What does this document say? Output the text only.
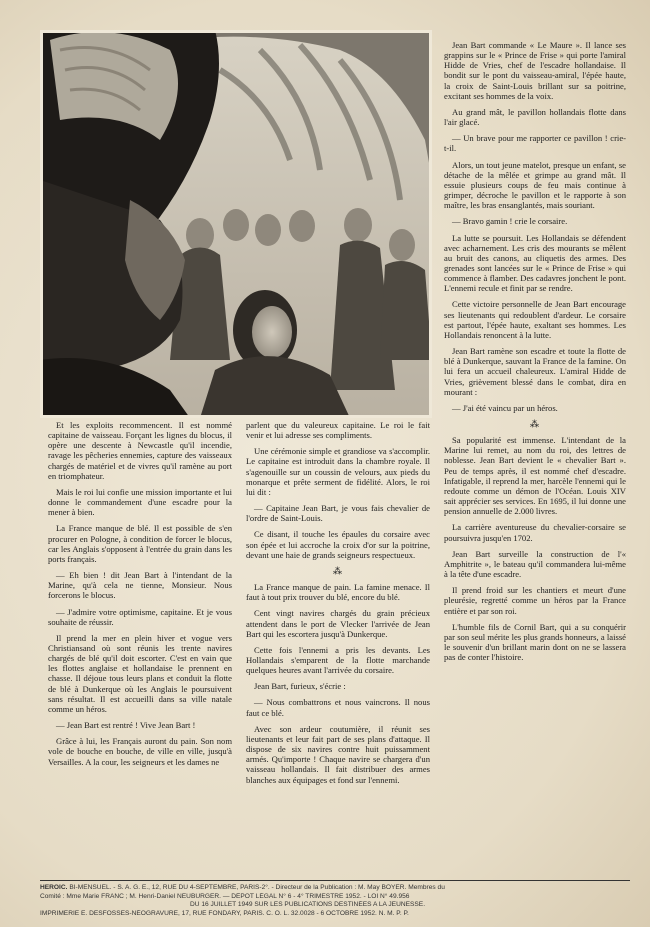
Et les exploits recommencent. Il est nommé capitaine de vaisseau. Forçant les lignes du blocus, il opère une descente à Newcastle qu'il incendie, ravage les pêcheries ennemies, capture des vaisseaux chargés de matériel et de vivres qu'il ramène au port en triomphateur.

Mais le roi lui confie une mission importante et lui donne le commandement d'une escadre pour la mener à bien.

La France manque de blé. Il est possible de s'en procurer en Pologne, à condition de forcer le blocus, car les Anglais s'opposent à l'entrée du grain dans les ports français.

— Eh bien ! dit Jean Bart à l'intendant de la Marine, qu'à cela ne tienne, Monsieur. Nous forcerons le blocus.

— J'admire votre optimisme, capitaine. Et je vous souhaite de réussir.

Il prend la mer en plein hiver et vogue vers Christiansand où sont réunis les trente navires chargés de blé qu'il doit escorter. C'est en vain que les flottes anglaise et hollandaise le prennent en chasse. Il déjoue tous leurs plans et conduit la flotte de blé à Dunkerque où les Anglais le poursuivent sans résultat. Il est accueilli dans sa ville natale comme un héros.

— Jean Bart est rentré ! Vive Jean Bart !

Grâce à lui, les Français auront du pain. Son nom vole de bouche en bouche, de ville en ville, jusqu'à Versailles. A la cour, les seigneurs et les dames ne

parlent que du valeureux capitaine. Le roi le fait venir et lui adresse ses compliments.

Une cérémonie simple et grandiose va s'accomplir. Le capitaine est introduit dans la chambre royale. Il s'agenouille sur un coussin de velours, aux pieds du monarque et prête serment de fidélité. Alors, le roi lui dit :

— Capitaine Jean Bart, je vous fais chevalier de l'ordre de Saint-Louis.

Ce disant, il touche les épaules du corsaire avec son épée et lui accroche la croix d'or sur la poitrine, devant une haie de grands seigneurs respectueux.

⁂

La France manque de pain. La famine menace. Il faut à tout prix trouver du blé, encore du blé.

Cent vingt navires chargés du grain précieux attendent dans le port de Vlecker l'arrivée de Jean Bart qui les escortera jusqu'à Dunkerque.

Cette fois l'ennemi a pris les devants. Les Hollandais s'emparent de la flotte marchande quelques heures avant l'arrivée du corsaire.

Jean Bart, furieux, s'écrie :

— Nous combattrons et nous vaincrons. Il nous faut ce blé.

Avec son ardeur coutumière, il réunit ses lieutenants et leur fait part de ses plans d'attaque. Il dispose de six navires contre huit puissamment armés. Qu'importe ! Chaque navire se chargera d'un vaisseau hollandais. Il fait distribuer des armes blanches aux équipages et fond sur l'ennemi.

Jean Bart commande « Le Maure ». Il lance ses grappins sur le « Prince de Frise » qui porte l'amiral Hidde de Vries, chef de l'escadre hollandaise. Il bondit sur le pont du vaisseau-amiral, l'épée haute, la croix de Saint-Louis brillant sur sa poitrine, excitant ses hommes de la voix.

Au grand mât, le pavillon hollandais flotte dans l'air glacé.

— Un brave pour me rapporter ce pavillon ! crie-t-il.

Alors, un tout jeune matelot, presque un enfant, se détache de la mêlée et grimpe au grand mât. Il essuie plusieurs coups de feu mais continue à grimper, décroche le pavillon et le rapporte à son maître, les bras ensanglantés, mais souriant.

— Bravo gamin ! crie le corsaire.

La lutte se poursuit. Les Hollandais se défendent avec acharnement. Les cris des mourants se mêlent au bruit des canons, au cliquetis des armes. Des grenades sont lancées sur le « Prince de Frise » qui commence à flamber. Des cadavres jonchent le pont. L'ennemi recule et finit par se rendre.

Cette victoire personnelle de Jean Bart encourage ses lieutenants qui redoublent d'ardeur. Le corsaire est partout, l'épée haute, exaltant ses hommes. Les Hollandais renoncent à la lutte.

Jean Bart ramène son escadre et toute la flotte de blé à Dunkerque, sauvant la France de la famine. On lui fera un accueil chaleureux. L'amiral Hidde de Vries, grièvement blessé dans le combat, dira en mourant :

— J'ai été vaincu par un héros.

⁂

Sa popularité est immense. L'intendant de la Marine lui remet, au nom du roi, des lettres de noblesse. Jean Bart devient le « chevalier Bart ». Peu de temps après, il est nommé chef d'escadre. Infatigable, il reprend la mer, harcèle l'ennemi qui le redoute comme un démon de l'Océan. Louis XIV sait apprécier ses services. En 1695, il lui donne une pension annuelle de 2.000 livres.

La carrière aventureuse du chevalier-corsaire se poursuivra jusqu'en 1702.

Jean Bart surveille la construction de l'« Amphitrite », le bateau qu'il commandera lui-même à la tête d'une escadre.

Il prend froid sur les chantiers et meurt d'une pleurésie, regretté comme un héros par la France entière et par son roi.

L'humble fils de Cornil Bart, qui a su conquérir par son seul mérite les plus grands honneurs, a laissé le souvenir d'un brillant marin dont on ne se lassera pas de conter l'histoire.

HEROIC. BI-MENSUEL. - S. A. G. E., 12, RUE DU 4-SEPTEMBRE, PARIS-2°. - Directeur de la Publication : M. May BOYER. Membres du
Comité : Mme Marie FRANC ; M. Henri-Daniel NEUBURGER. — DÉPOT LÉGAL N° 6 - 4° TRIMESTRE 1952. - LOI N° 49.956
DU 16 JUILLET 1949 SUR LES PUBLICATIONS DESTINÉES A LA JEUNESSE.
IMPRIMERIE E. DESFOSSES-NÉOGRAVURE, 17, RUE FONDARY, PARIS. C. O. L. 32.0028 - 6 OCTOBRE 1952. N. M. P. P.
